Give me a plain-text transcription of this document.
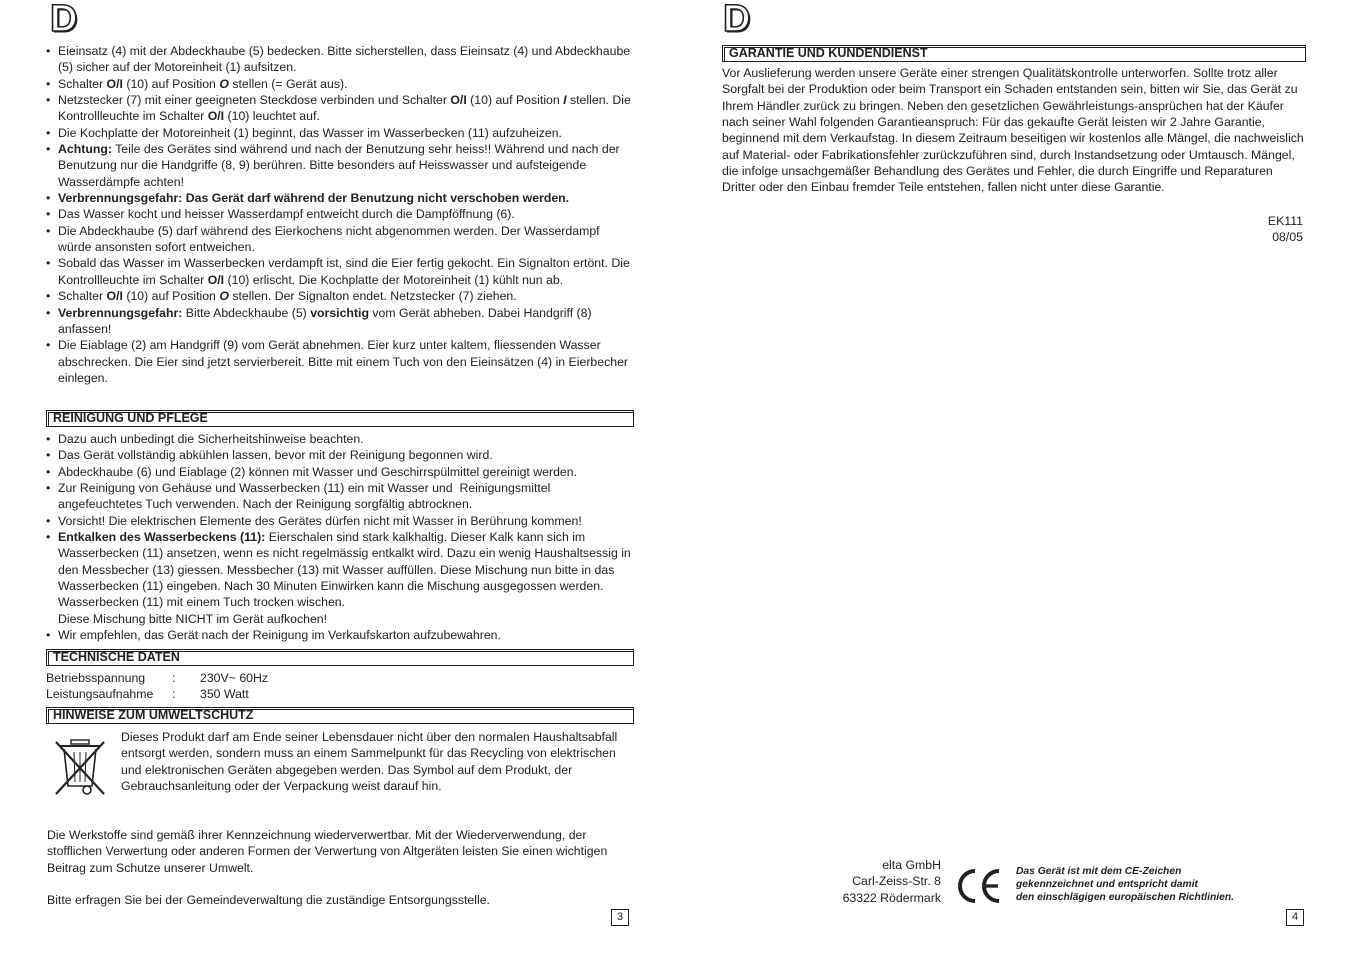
D
• Eieinsatz (4) mit der Abdeckhaube (5) bedecken. Bitte sicherstellen, dass Eieinsatz (4) und Abdeckhaube (5) sicher auf der Motoreinheit (1) aufsitzen.
• Schalter O/I (10) auf Position O stellen (= Gerät aus).
• Netzstecker (7) mit einer geeigneten Steckdose verbinden und Schalter O/I (10) auf Position I stellen. Die Kontrollleuchte im Schalter O/I (10) leuchtet auf.
• Die Kochplatte der Motoreinheit (1) beginnt, das Wasser im Wasserbecken (11) aufzuheizen.
• Achtung: Teile des Gerätes sind während und nach der Benutzung sehr heiss!! Während und nach der Benutzung nur die Handgriffe (8, 9) berühren. Bitte besonders auf Heisswasser und aufsteigende Wasserdämpfe achten!
• Verbrennungsgefahr: Das Gerät darf während der Benutzung nicht verschoben werden.
• Das Wasser kocht und heisser Wasserdampf entweicht durch die Dampföffnung (6).
• Die Abdeckhaube (5) darf während des Eierkochens nicht abgenommen werden. Der Wasserdampf würde ansonsten sofort entweichen.
• Sobald das Wasser im Wasserbecken verdampft ist, sind die Eier fertig gekocht. Ein Signalton ertönt. Die Kontrollleuchte im Schalter O/I (10) erlischt. Die Kochplatte der Motoreinheit (1) kühlt nun ab.
• Schalter O/I (10) auf Position O stellen. Der Signalton endet. Netzstecker (7) ziehen.
• Verbrennungsgefahr: Bitte Abdeckhaube (5) vorsichtig vom Gerät abheben. Dabei Handgriff (8) anfassen!
• Die Eiablage (2) am Handgriff (9) vom Gerät abnehmen. Eier kurz unter kaltem, fliessenden Wasser abschrecken. Die Eier sind jetzt servierbereit. Bitte mit einem Tuch von den Eieinsätzen (4) in Eierbecher einlegen.
REINIGUNG UND PFLEGE
• Dazu auch unbedingt die Sicherheitshinweise beachten.
• Das Gerät vollständig abkühlen lassen, bevor mit der Reinigung begonnen wird.
• Abdeckhaube (6) und Eiablage (2) können mit Wasser und Geschirrspülmittel gereinigt werden.
• Zur Reinigung von Gehäuse und Wasserbecken (11) ein mit Wasser und  Reinigungsmittel angefeuchtetes Tuch verwenden. Nach der Reinigung sorgfältig abtrocknen.
• Vorsicht! Die elektrischen Elemente des Gerätes dürfen nicht mit Wasser in Berührung kommen!
• Entkalken des Wasserbeckens (11): Eierschalen sind stark kalkhaltig. Dieser Kalk kann sich im Wasserbecken (11) ansetzen, wenn es nicht regelmässig entkalkt wird. Dazu ein wenig Haushaltsessig in den Messbecher (13) giessen. Messbecher (13) mit Wasser auffüllen. Diese Mischung nun bitte in das Wasserbecken (11) eingeben. Nach 30 Minuten Einwirken kann die Mischung ausgegossen werden. Wasserbecken (11) mit einem Tuch trocken wischen.
Diese Mischung bitte NICHT im Gerät aufkochen!
• Wir empfehlen, das Gerät nach der Reinigung im Verkaufskarton aufzubewahren.
TECHNISCHE DATEN
Betriebsspannung	:	230V~ 60Hz
Leistungsaufnahme	:	350 Watt
HINWEISE ZUM UMWELTSCHUTZ

Dieses Produkt darf am Ende seiner Lebensdauer nicht über den normalen Haushaltsabfall entsorgt werden, sondern muss an einem Sammelpunkt für das Recycling von elektrischen und elektronischen Geräten abgegeben werden. Das Symbol auf dem Produkt, der Gebrauchsanleitung oder der Verpackung weist darauf hin.

Die Werkstoffe sind gemäß ihrer Kennzeichnung wiederverwertbar. Mit der Wiederverwendung, der stofflichen Verwertung oder anderen Formen der Verwertung von Altgeräten leisten Sie einen wichtigen Beitrag zum Schutze unserer Umwelt.

Bitte erfragen Sie bei der Gemeindeverwaltung die zuständige Entsorgungsstelle.

3
D
GARANTIE UND KUNDENDIENST

Vor Auslieferung werden unsere Geräte einer strengen Qualitätskontrolle unterworfen. Sollte trotz aller Sorgfalt bei der Produktion oder beim Transport ein Schaden entstanden sein, bitten wir Sie, das Gerät zu Ihrem Händler zurück zu bringen. Neben den gesetzlichen Gewährleistungs-ansprüchen hat der Käufer nach seiner Wahl folgenden Garantieanspruch: Für das gekaufte Gerät leisten wir 2 Jahre Garantie, beginnend mit dem Verkaufstag. In diesem Zeitraum beseitigen wir kostenlos alle Mängel, die nachweislich auf Material- oder Fabrikationsfehler zurückzuführen sind, durch Instandsetzung oder Umtausch. Mängel, die infolge unsachgemäßer Behandlung des Gerätes und Fehler, die durch Eingriffe und Reparaturen Dritter oder den Einbau fremder Teile entstehen, fallen nicht unter diese Garantie.

EK111
08/05
elta GmbH
Carl-Zeiss-Str. 8
63322 Rödermark
Das Gerät ist mit dem CE-Zeichen
gekennzeichnet und entspricht damit
den einschlägigen europäischen Richtlinien.
4
